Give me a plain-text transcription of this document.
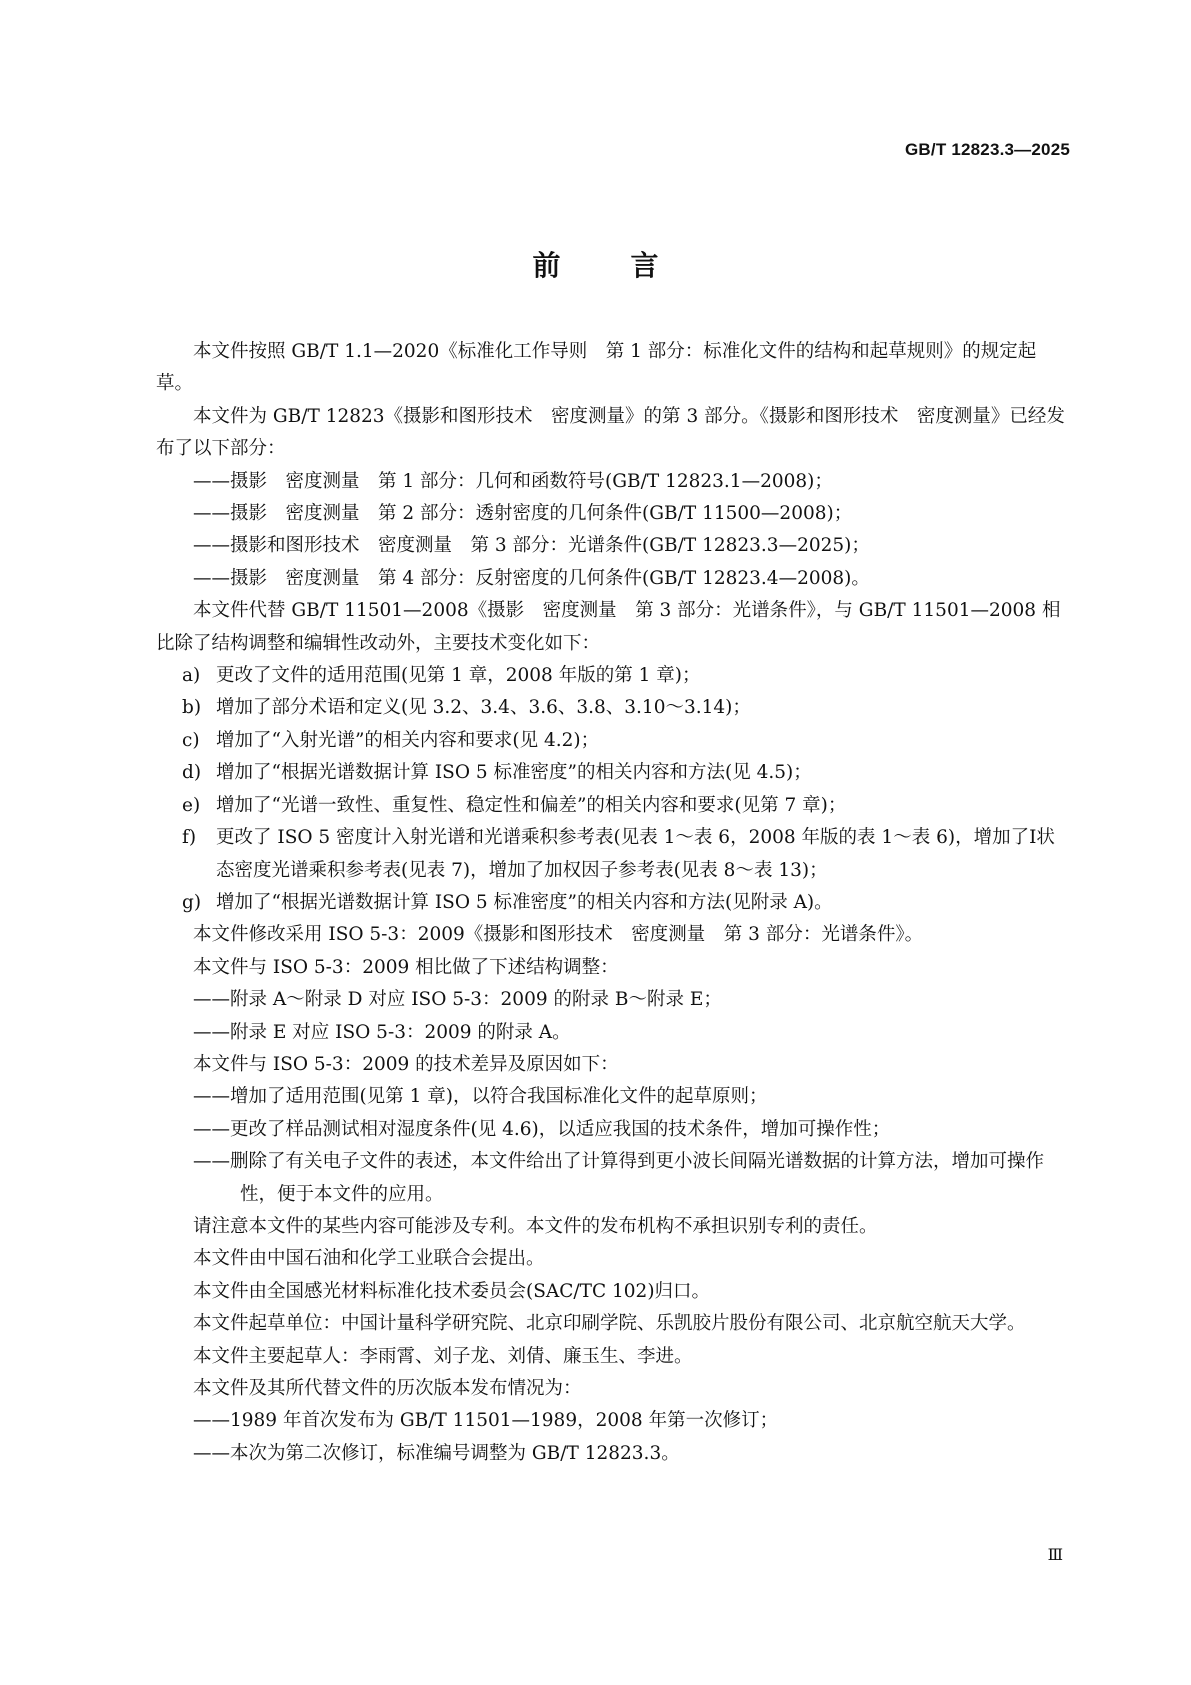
GB/T 12823.3—2025
前言

本文件按照 GB/T 1.1—2020《标准化工作导则　第 1 部分：标准化文件的结构和起草规则》的规定起草。

本文件为 GB/T 12823《摄影和图形技术　密度测量》的第 3 部分。《摄影和图形技术　密度测量》已经发布了以下部分：

——摄影　密度测量　第 1 部分：几何和函数符号(GB/T 12823.1—2008)；

——摄影　密度测量　第 2 部分：透射密度的几何条件(GB/T 11500—2008)；

——摄影和图形技术　密度测量　第 3 部分：光谱条件(GB/T 12823.3—2025)；

——摄影　密度测量　第 4 部分：反射密度的几何条件(GB/T 12823.4—2008)。

本文件代替 GB/T 11501—2008《摄影　密度测量　第 3 部分：光谱条件》，与 GB/T 11501—2008 相比除了结构调整和编辑性改动外，主要技术变化如下：

a) 更改了文件的适用范围(见第 1 章，2008 年版的第 1 章)；
b) 增加了部分术语和定义(见 3.2、3.4、3.6、3.8、3.10～3.14)；
c) 增加了“入射光谱”的相关内容和要求(见 4.2)；
d) 增加了“根据光谱数据计算 ISO 5 标准密度”的相关内容和方法(见 4.5)；
e) 增加了“光谱一致性、重复性、稳定性和偏差”的相关内容和要求(见第 7 章)；
f) 更改了 ISO 5 密度计入射光谱和光谱乘积参考表(见表 1～表 6，2008 年版的表 1～表 6)，增加了Ⅰ状态密度光谱乘积参考表(见表 7)，增加了加权因子参考表(见表 8～表 13)；
g) 增加了“根据光谱数据计算 ISO 5 标准密度”的相关内容和方法(见附录 A)。

本文件修改采用 ISO 5-3：2009《摄影和图形技术　密度测量　第 3 部分：光谱条件》。

本文件与 ISO 5-3：2009 相比做了下述结构调整：

——附录 A～附录 D 对应 ISO 5-3：2009 的附录 B～附录 E；

——附录 E 对应 ISO 5-3：2009 的附录 A。

本文件与 ISO 5-3：2009 的技术差异及原因如下：

——增加了适用范围(见第 1 章)，以符合我国标准化文件的起草原则；

——更改了样品测试相对湿度条件(见 4.6)，以适应我国的技术条件，增加可操作性；

——删除了有关电子文件的表述，本文件给出了计算得到更小波长间隔光谱数据的计算方法，增加可操作性，便于本文件的应用。

请注意本文件的某些内容可能涉及专利。本文件的发布机构不承担识别专利的责任。

本文件由中国石油和化学工业联合会提出。

本文件由全国感光材料标准化技术委员会(SAC/TC 102)归口。

本文件起草单位：中国计量科学研究院、北京印刷学院、乐凯胶片股份有限公司、北京航空航天大学。

本文件主要起草人：李雨霄、刘子龙、刘倩、廉玉生、李进。

本文件及其所代替文件的历次版本发布情况为：

——1989 年首次发布为 GB/T 11501—1989，2008 年第一次修订；

——本次为第二次修订，标准编号调整为 GB/T 12823.3。

Ⅲ
